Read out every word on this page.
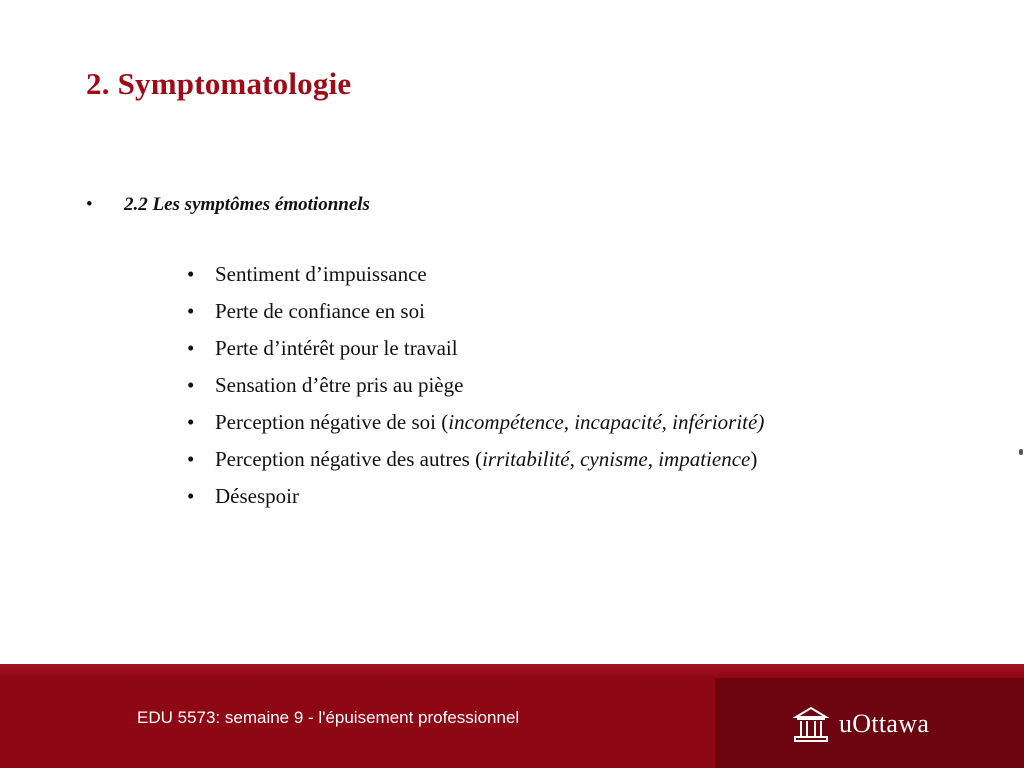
2. Symptomatologie
• 2.2 Les symptômes émotionnels
• Sentiment d’impuissance
• Perte de confiance en soi
• Perte d’intérêt pour le travail
• Sensation d’être pris au piège
• Perception négative de soi (incompétence, incapacité, infériorité)
• Perception négative des autres (irritabilité, cynisme, impatience)
• Désespoir
EDU 5573: semaine 9 - l'épuisement professionnel	uOttawa
